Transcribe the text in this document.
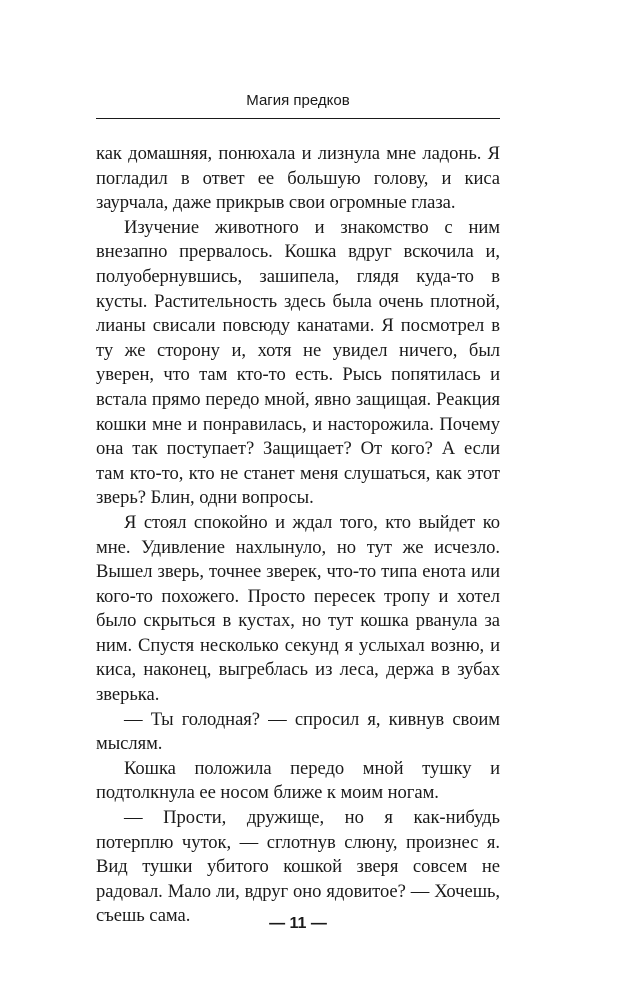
Магия предков

как домашняя, понюхала и лизнула мне ладонь. Я погладил в ответ ее большую голову, и киса заурчала, даже прикрыв свои огромные глаза.

Изучение животного и знакомство с ним внезапно прервалось. Кошка вдруг вскочила и, полуобернувшись, зашипела, глядя куда-то в кусты. Растительность здесь была очень плотной, лианы свисали повсюду канатами. Я посмотрел в ту же сторону и, хотя не увидел ничего, был уверен, что там кто-то есть. Рысь попятилась и встала прямо передо мной, явно защищая. Реакция кошки мне и понравилась, и насторожила. Почему она так поступает? Защищает? От кого? А если там кто-то, кто не станет меня слушаться, как этот зверь? Блин, одни вопросы.

Я стоял спокойно и ждал того, кто выйдет ко мне. Удивление нахлынуло, но тут же исчезло. Вышел зверь, точнее зверек, что-то типа енота или кого-то похожего. Просто пересек тропу и хотел было скрыться в кустах, но тут кошка рванула за ним. Спустя несколько секунд я услыхал возню, и киса, наконец, выгреблась из леса, держа в зубах зверька.

— Ты голодная? — спросил я, кивнув своим мыслям.

Кошка положила передо мной тушку и подтолкнула ее носом ближе к моим ногам.

— Прости, дружище, но я как-нибудь потерплю чуток, — сглотнув слюну, произнес я. Вид тушки убитого кошкой зверя совсем не радовал. Мало ли, вдруг оно ядовитое? — Хочешь, съешь сама.	— 11 —
